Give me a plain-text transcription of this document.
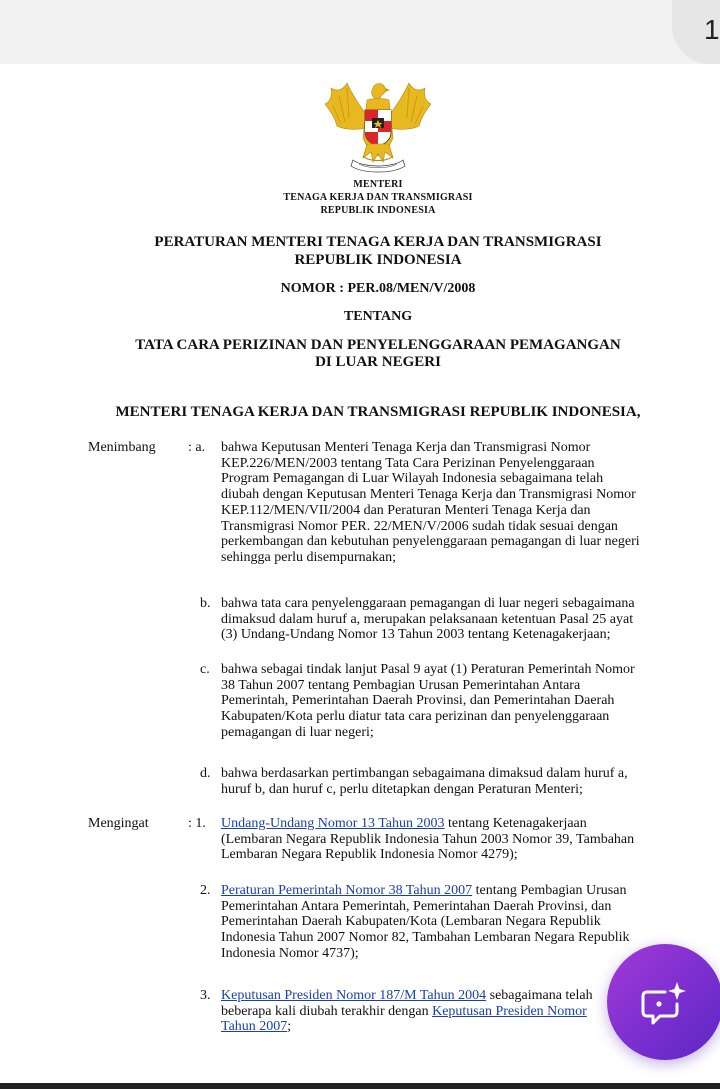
1
MENTERI
TENAGA KERJA DAN TRANSMIGRASI
REPUBLIK INDONESIA
PERATURAN MENTERI TENAGA KERJA DAN TRANSMIGRASI
REPUBLIK INDONESIA
NOMOR : PER.08/MEN/V/2008
TENTANG
TATA CARA PERIZINAN DAN PENYELENGGARAAN PEMAGANGAN
DI LUAR NEGERI
MENTERI TENAGA KERJA DAN TRANSMIGRASI REPUBLIK INDONESIA,
Menimbang : a. bahwa Keputusan Menteri Tenaga Kerja dan Transmigrasi Nomor
KEP.226/MEN/2003 tentang Tata Cara Perizinan Penyelenggaraan
Program Pemagangan di Luar Wilayah Indonesia sebagaimana telah
diubah dengan Keputusan Menteri Tenaga Kerja dan Transmigrasi Nomor
KEP.112/MEN/VII/2004 dan Peraturan Menteri Tenaga Kerja dan
Transmigrasi Nomor PER. 22/MEN/V/2006 sudah tidak sesuai dengan
perkembangan dan kebutuhan penyelenggaraan pemagangan di luar negeri
sehingga perlu disempurnakan;
b. bahwa tata cara penyelenggaraan pemagangan di luar negeri sebagaimana
dimaksud dalam huruf a, merupakan pelaksanaan ketentuan Pasal 25 ayat
(3) Undang-Undang Nomor 13 Tahun 2003 tentang Ketenagakerjaan;
c. bahwa sebagai tindak lanjut Pasal 9 ayat (1) Peraturan Pemerintah Nomor
38 Tahun 2007 tentang Pembagian Urusan Pemerintahan Antara
Pemerintah, Pemerintahan Daerah Provinsi, dan Pemerintahan Daerah
Kabupaten/Kota perlu diatur tata cara perizinan dan penyelenggaraan
pemagangan di luar negeri;
d. bahwa berdasarkan pertimbangan sebagaimana dimaksud dalam huruf a,
huruf b, dan huruf c, perlu ditetapkan dengan Peraturan Menteri;
Mengingat	: 1. Undang-Undang Nomor 13 Tahun 2003 tentang Ketenagakerjaan
(Lembaran Negara Republik Indonesia Tahun 2003 Nomor 39, Tambahan
Lembaran Negara Republik Indonesia Nomor 4279);
2. Peraturan Pemerintah Nomor 38 Tahun 2007 tentang Pembagian Urusan
Pemerintahan Antara Pemerintah, Pemerintahan Daerah Provinsi, dan
Pemerintahan Daerah Kabupaten/Kota (Lembaran Negara Republik
Indonesia Tahun 2007 Nomor 82, Tambahan Lembaran Negara Republik
Indonesia Nomor 4737);
3. Keputusan Presiden Nomor 187/M Tahun 2004 sebagaimana telah
beberapa kali diubah terakhir dengan Keputusan Presiden Nomor
Tahun 2007;
